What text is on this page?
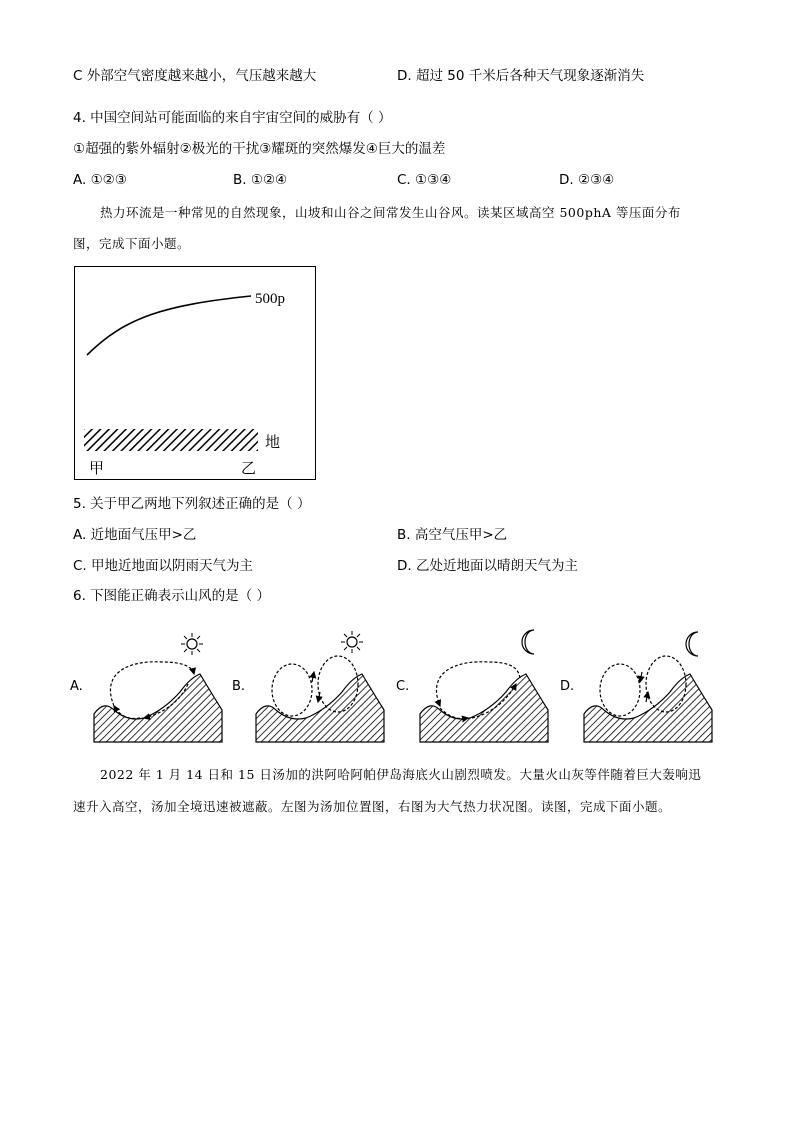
C 外部空气密度越来越小，气压越来越大	D. 超过 50 千米后各种天气现象逐渐消失
4. 中国空间站可能面临的来自宇宙空间的威胁有（ ）
①超强的紫外辐射②极光的干扰③耀斑的突然爆发④巨大的温差
A. ①②③	B. ①②④	C. ①③④	D. ②③④
热力环流是一种常见的自然现象，山坡和山谷之间常发生山谷风。读某区域高空 500phA 等压面分布
图，完成下面小题。
500p
地
甲	乙
5. 关于甲乙两地下列叙述正确的是（ ）
A. 近地面气压甲>乙	B. 高空气压甲>乙
C. 甲地近地面以阴雨天气为主	D. 乙处近地面以晴朗天气为主
6. 下图能正确表示山风的是（ ）
A.	B.	C.	D.
2022 年 1 月 14 日和 15 日汤加的洪阿哈阿帕伊岛海底火山剧烈喷发。大量火山灰等伴随着巨大轰响迅
速升入高空，汤加全境迅速被遮蔽。左图为汤加位置图，右图为大气热力状况图。读图，完成下面小题。
